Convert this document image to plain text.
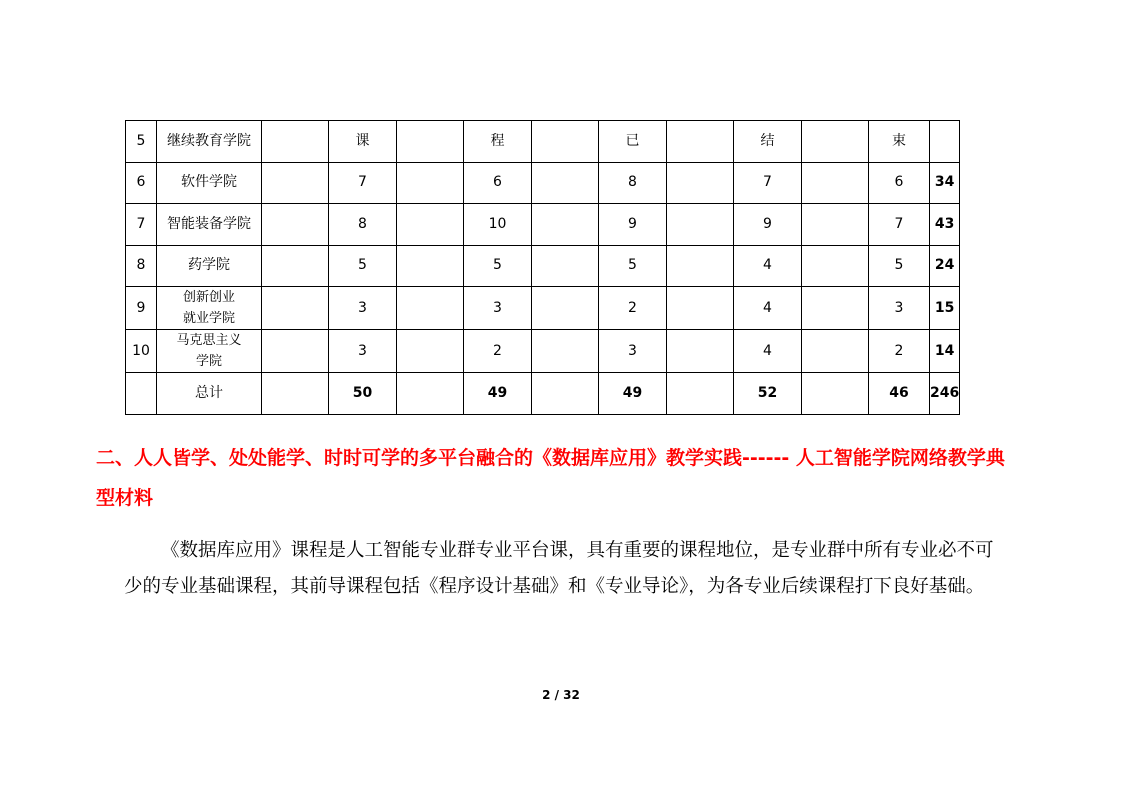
5	继续教育学院		课		程		已		结		束	
6	软件学院		7		6		8		7		6	34
7	智能装备学院		8		10		9		9		7	43
8	药学院		5		5		5		4		5	24
9	创新创业
就业学院		3		3		2		4		3	15
10	马克思主义
学院		3		2		3		4		2	14
	总计		50		49		49		52		46	246

二、人人皆学、处处能学、时时可学的多平台融合的《数据库应用》教学实践------ 人工智能学院网络教学典型材料

《数据库应用》课程是人工智能专业群专业平台课，具有重要的课程地位，是专业群中所有专业必不可少的专业基础课程，其前导课程包括《程序设计基础》和《专业导论》，为各专业后续课程打下良好基础。

2 / 32
